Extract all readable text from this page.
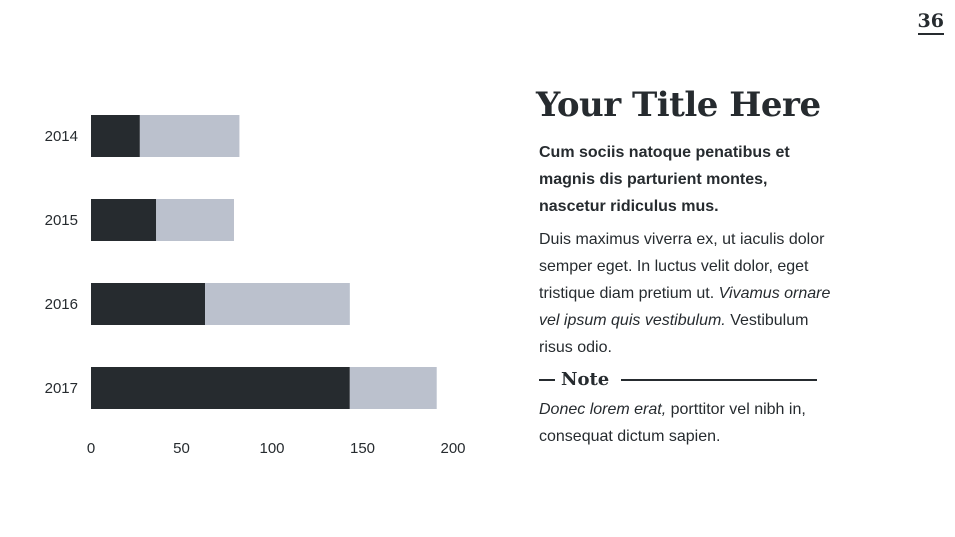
36
2014
2015
2016
2017
0	50	100	150	200
Your Title Here

Cum sociis natoque penatibus et magnis dis parturient montes, nascetur ridiculus mus.

Duis maximus viverra ex, ut iaculis dolor semper eget. In luctus velit dolor, eget tristique diam pretium ut. Vivamus ornare vel ipsum quis vestibulum. Vestibulum risus odio.

Note

Donec lorem erat, porttitor vel nibh in, consequat dictum sapien.
